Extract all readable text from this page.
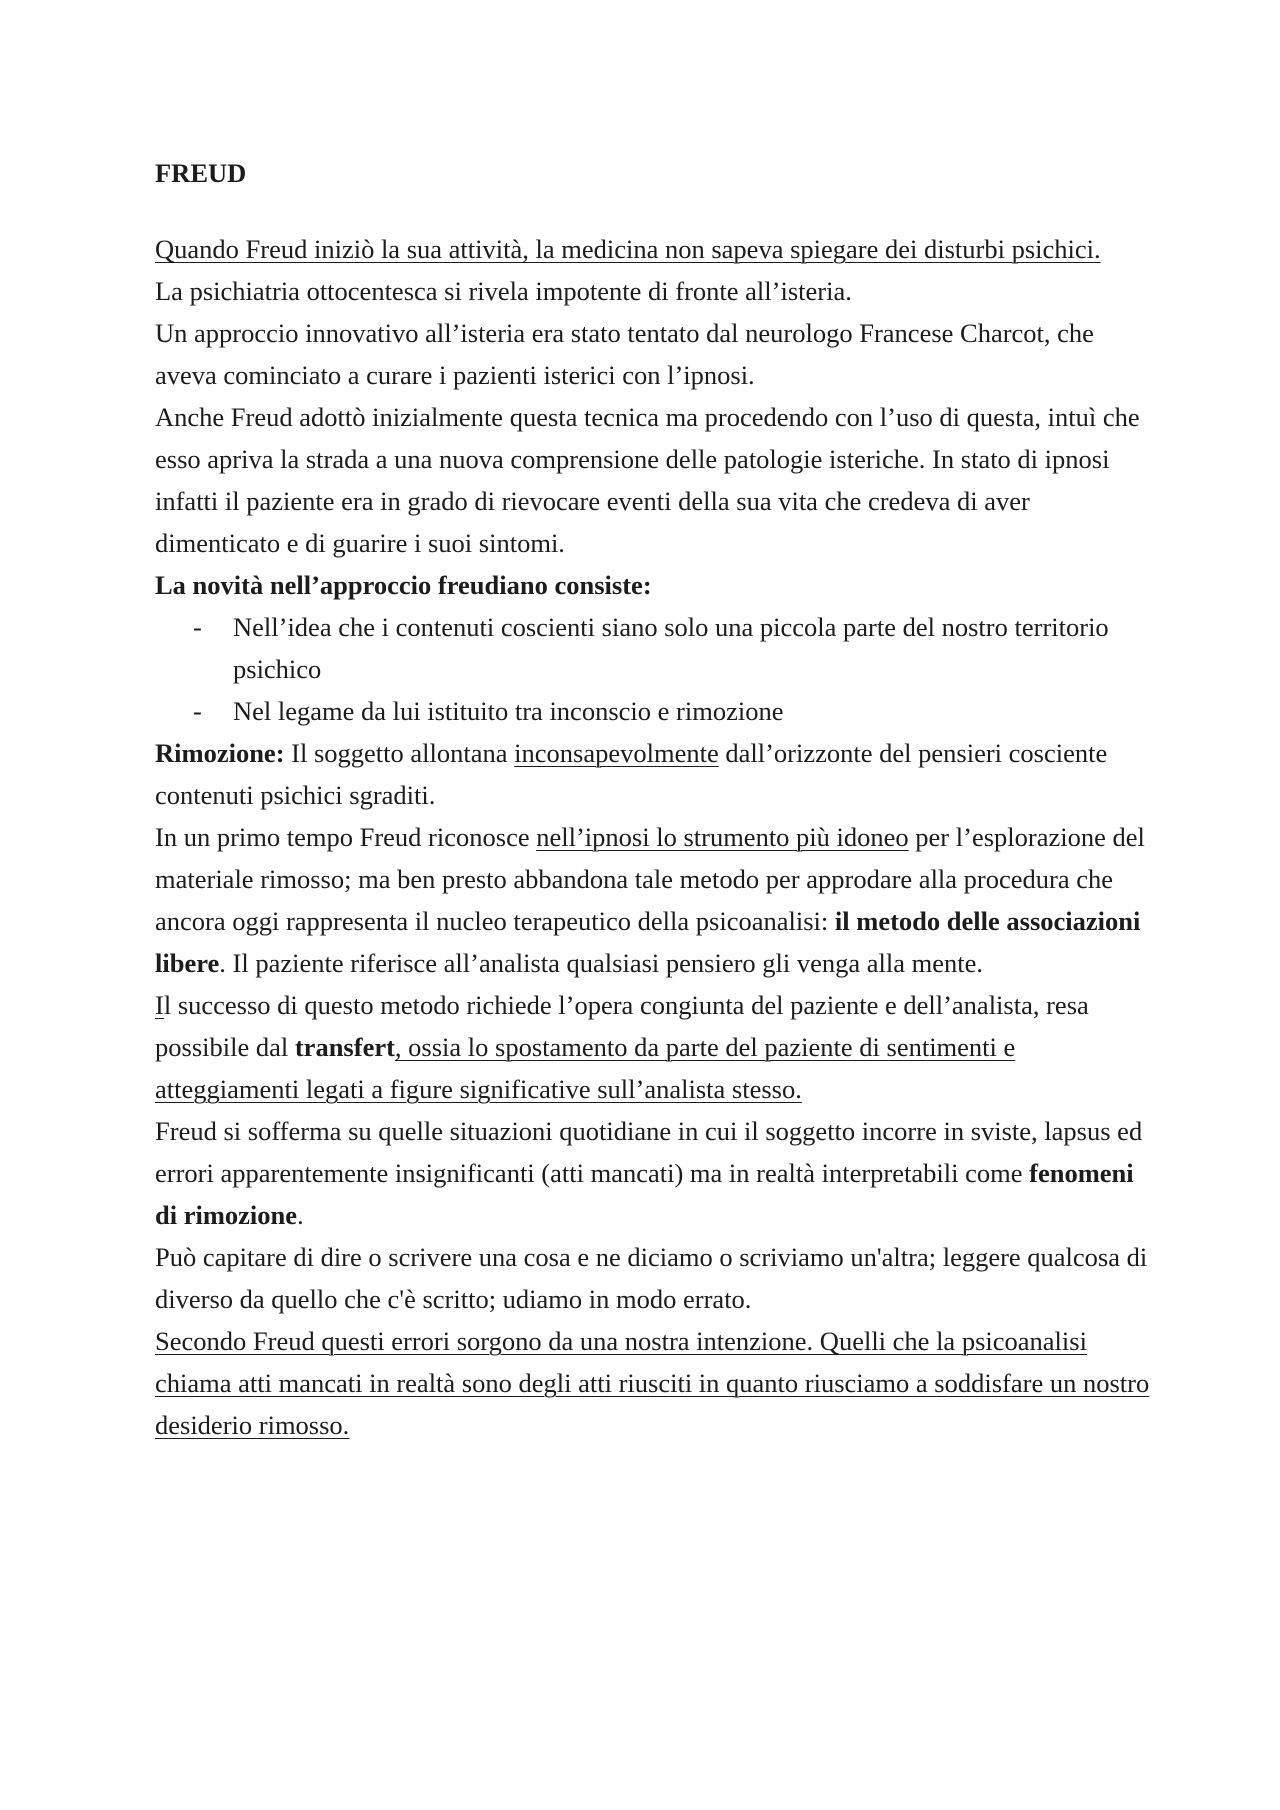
FREUD

Quando Freud iniziò la sua attività, la medicina non sapeva spiegare dei disturbi psichici.

La psichiatria ottocentesca si rivela impotente di fronte all’isteria.

Un approccio innovativo all’isteria era stato tentato dal neurologo Francese Charcot, che aveva cominciato a curare i pazienti isterici con l’ipnosi.

Anche Freud adottò inizialmente questa tecnica ma procedendo con l’uso di questa, intuì che esso apriva la strada a una nuova comprensione delle patologie isteriche. In stato di ipnosi infatti il paziente era in grado di rievocare eventi della sua vita che credeva di aver dimenticato e di guarire i suoi sintomi.

La novità nell’approccio freudiano consiste:

- Nell’idea che i contenuti coscienti siano solo una piccola parte del nostro territorio psichico
- Nel legame da lui istituito tra inconscio e rimozione

Rimozione: Il soggetto allontana inconsapevolmente dall’orizzonte del pensieri cosciente contenuti psichici sgraditi.

In un primo tempo Freud riconosce nell’ipnosi lo strumento più idoneo per l’esplorazione del materiale rimosso; ma ben presto abbandona tale metodo per approdare alla procedura che ancora oggi rappresenta il nucleo terapeutico della psicoanalisi: il metodo delle associazioni libere. Il paziente riferisce all’analista qualsiasi pensiero gli venga alla mente.

Il successo di questo metodo richiede l’opera congiunta del paziente e dell’analista, resa possibile dal transfert, ossia lo spostamento da parte del paziente di sentimenti e atteggiamenti legati a figure significative sull’analista stesso.

Freud si sofferma su quelle situazioni quotidiane in cui il soggetto incorre in sviste, lapsus ed errori apparentemente insignificanti (atti mancati) ma in realtà interpretabili come fenomeni di rimozione.

Può capitare di dire o scrivere una cosa e ne diciamo o scriviamo un'altra; leggere qualcosa di diverso da quello che c'è scritto; udiamo in modo errato.

Secondo Freud questi errori sorgono da una nostra intenzione. Quelli che la psicoanalisi chiama atti mancati in realtà sono degli atti riusciti in quanto riusciamo a soddisfare un nostro desiderio rimosso.
